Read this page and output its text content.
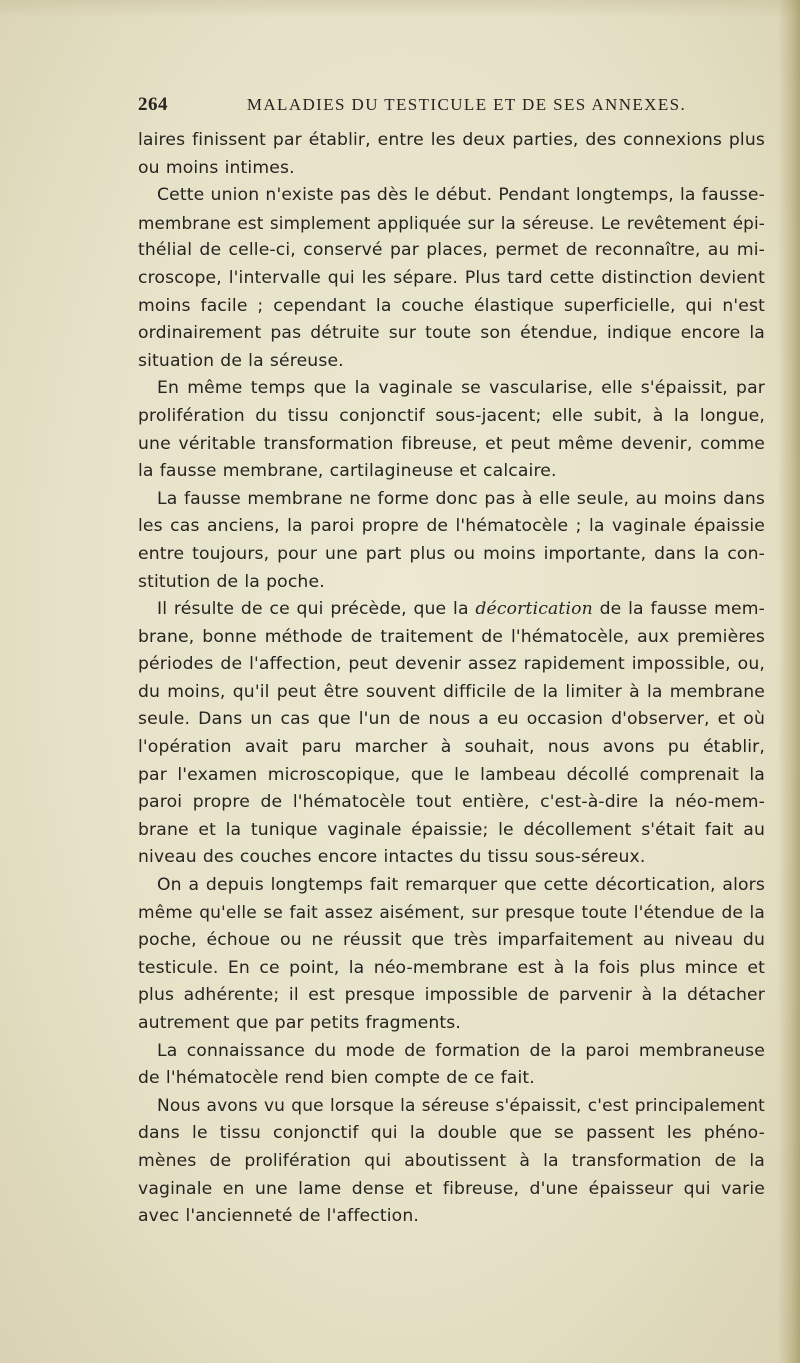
264	MALADIES DU TESTICULE ET DE SES ANNEXES.
laires finissent par établir, entre les deux parties, des connexions plus
ou moins intimes.
Cette union n'existe pas dès le début. Pendant longtemps, la fausse-
membrane est simplement appliquée sur la séreuse. Le revêtement épi-
thélial de celle-ci, conservé par places, permet de reconnaître, au mi-
croscope, l'intervalle qui les sépare. Plus tard cette distinction devient
moins facile ; cependant la couche élastique superficielle, qui n'est
ordinairement pas détruite sur toute son étendue, indique encore la
situation de la séreuse.
En même temps que la vaginale se vascularise, elle s'épaissit, par
prolifération du tissu conjonctif sous-jacent; elle subit, à la longue,
une véritable transformation fibreuse, et peut même devenir, comme
la fausse membrane, cartilagineuse et calcaire.
La fausse membrane ne forme donc pas à elle seule, au moins dans
les cas anciens, la paroi propre de l'hématocèle ; la vaginale épaissie
entre toujours, pour une part plus ou moins importante, dans la con-
stitution de la poche.
Il résulte de ce qui précède, que la décortication de la fausse mem-
brane, bonne méthode de traitement de l'hématocèle, aux premières
périodes de l'affection, peut devenir assez rapidement impossible, ou,
du moins, qu'il peut être souvent difficile de la limiter à la membrane
seule. Dans un cas que l'un de nous a eu occasion d'observer, et où
l'opération avait paru marcher à souhait, nous avons pu établir,
par l'examen microscopique, que le lambeau décollé comprenait la
paroi propre de l'hématocèle tout entière, c'est-à-dire la néo-mem-
brane et la tunique vaginale épaissie; le décollement s'était fait au
niveau des couches encore intactes du tissu sous-séreux.
On a depuis longtemps fait remarquer que cette décortication, alors
même qu'elle se fait assez aisément, sur presque toute l'étendue de la
poche, échoue ou ne réussit que très imparfaitement au niveau du
testicule. En ce point, la néo-membrane est à la fois plus mince et
plus adhérente; il est presque impossible de parvenir à la détacher
autrement que par petits fragments.
La connaissance du mode de formation de la paroi membraneuse
de l'hématocèle rend bien compte de ce fait.
Nous avons vu que lorsque la séreuse s'épaissit, c'est principalement
dans le tissu conjonctif qui la double que se passent les phéno-
mènes de prolifération qui aboutissent à la transformation de la
vaginale en une lame dense et fibreuse, d'une épaisseur qui varie
avec l'ancienneté de l'affection.
